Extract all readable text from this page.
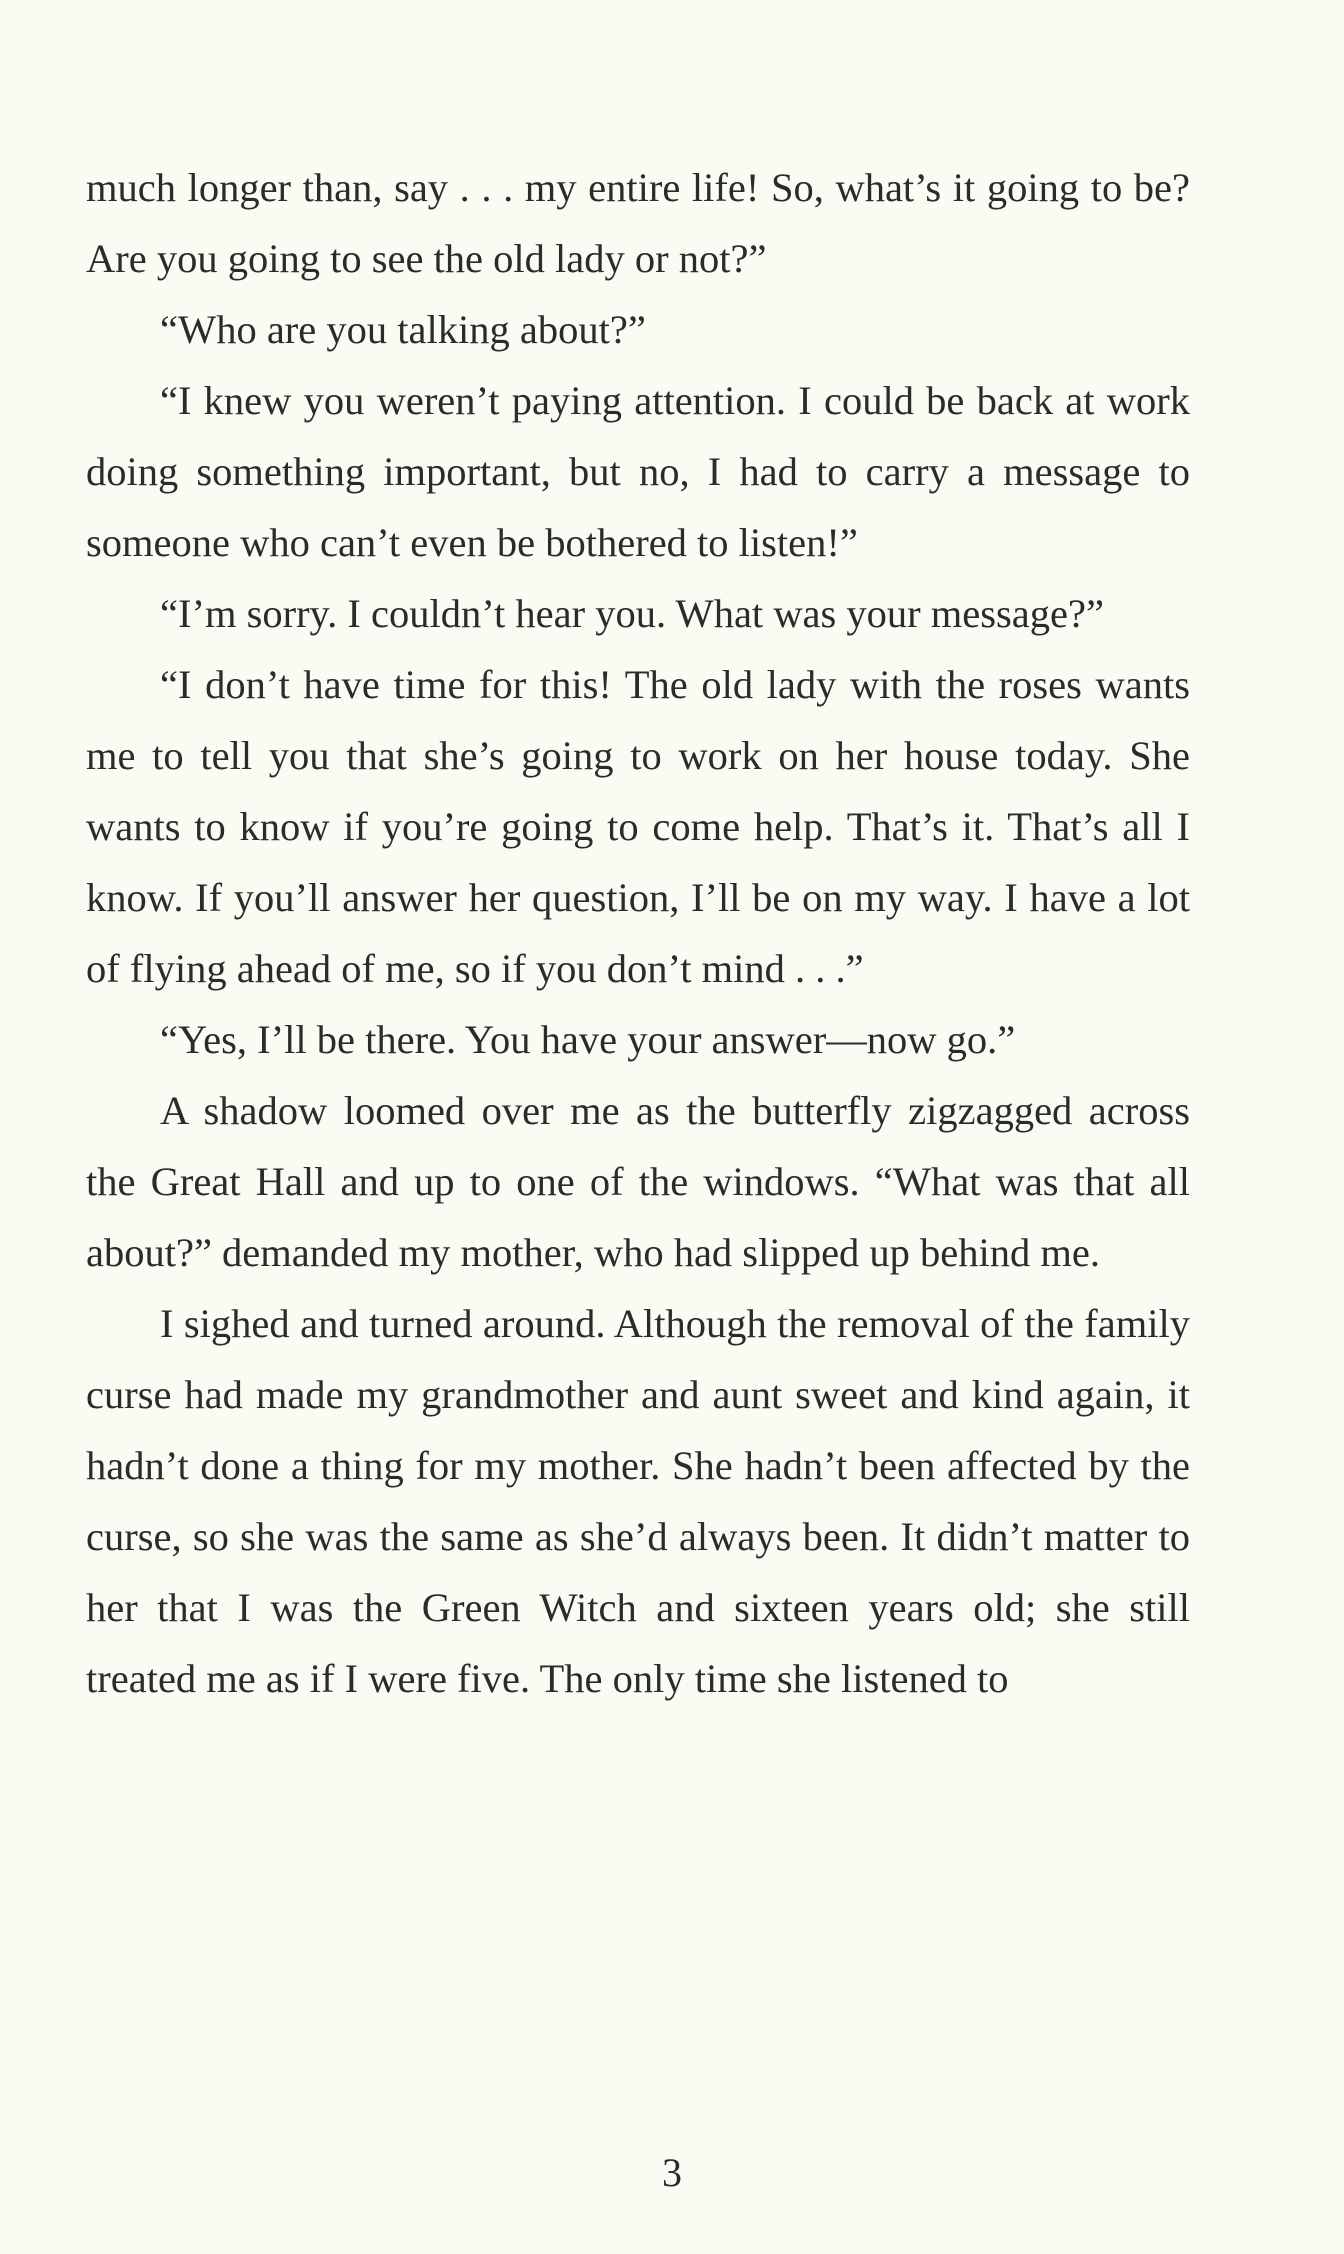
much longer than, say . . . my entire life! So, what’s it going to be? Are you going to see the old lady or not?”

“Who are you talking about?”

“I knew you weren’t paying attention. I could be back at work doing something important, but no, I had to carry a message to someone who can’t even be bothered to listen!”

“I’m sorry. I couldn’t hear you. What was your message?”

“I don’t have time for this! The old lady with the roses wants me to tell you that she’s going to work on her house today. She wants to know if you’re going to come help. That’s it. That’s all I know. If you’ll answer her question, I’ll be on my way. I have a lot of flying ahead of me, so if you don’t mind . . .”

“Yes, I’ll be there. You have your answer—now go.”

A shadow loomed over me as the butterfly zigzagged across the Great Hall and up to one of the windows. “What was that all about?” demanded my mother, who had slipped up behind me.

I sighed and turned around. Although the removal of the family curse had made my grandmother and aunt sweet and kind again, it hadn’t done a thing for my mother. She hadn’t been affected by the curse, so she was the same as she’d always been. It didn’t matter to her that I was the Green Witch and sixteen years old; she still treated me as if I were five. The only time she listened to

3
